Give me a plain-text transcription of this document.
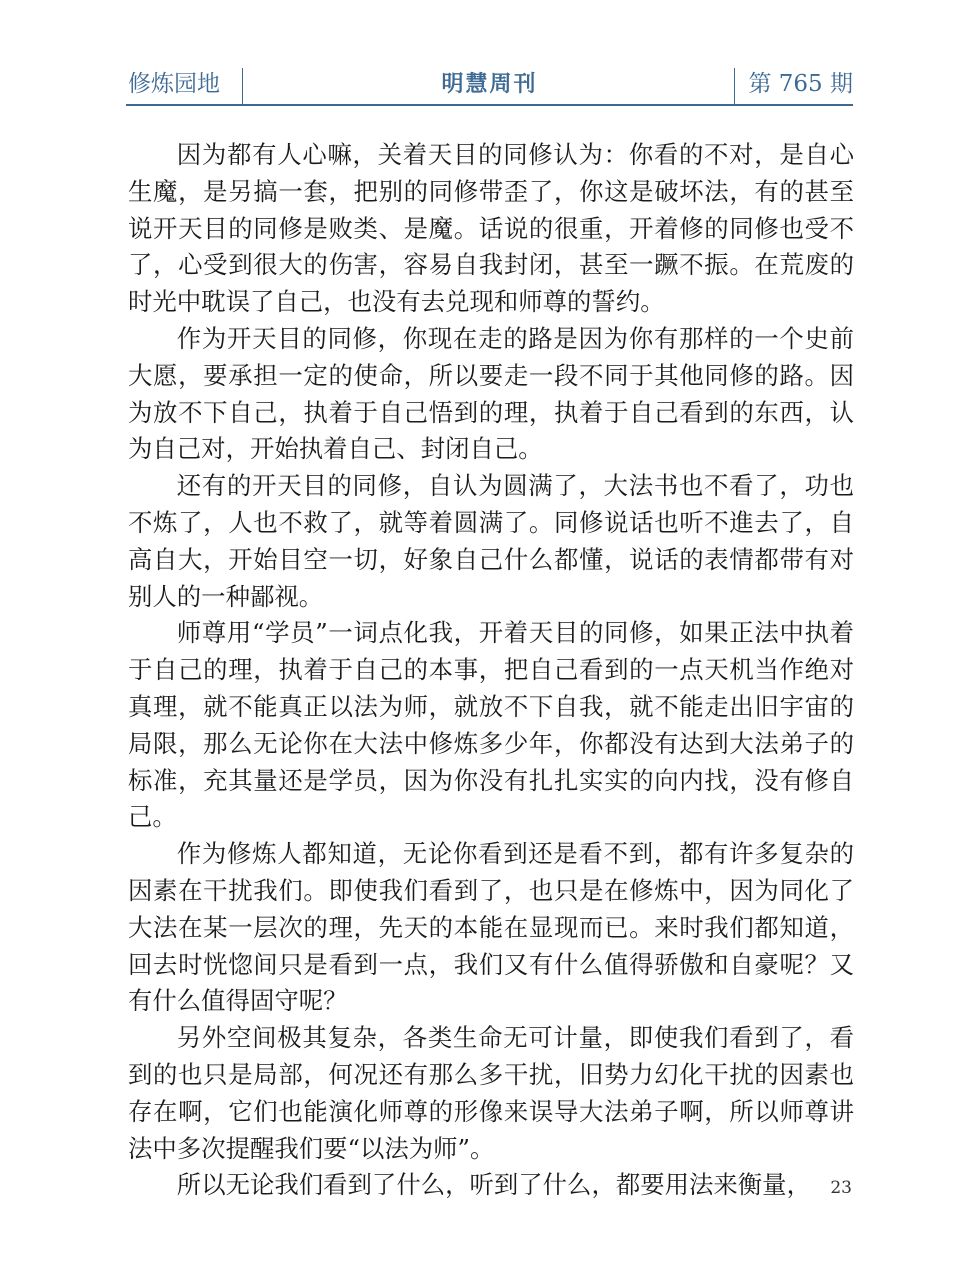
修炼园地	明慧周刊	第 765 期

因为都有人心嘛，关着天目的同修认为：你看的不对，是自心生魔，是另搞一套，把别的同修带歪了，你这是破坏法，有的甚至说开天目的同修是败类、是魔。话说的很重，开着修的同修也受不了，心受到很大的伤害，容易自我封闭，甚至一蹶不振。在荒废的时光中耽误了自己，也没有去兑现和师尊的誓约。

作为开天目的同修，你现在走的路是因为你有那样的一个史前大愿，要承担一定的使命，所以要走一段不同于其他同修的路。因为放不下自己，执着于自己悟到的理，执着于自己看到的东西，认为自己对，开始执着自己、封闭自己。

还有的开天目的同修，自认为圆满了，大法书也不看了，功也不炼了，人也不救了，就等着圆满了。同修说话也听不進去了，自高自大，开始目空一切，好象自己什么都懂，说话的表情都带有对别人的一种鄙视。

师尊用“学员”一词点化我，开着天目的同修，如果正法中执着于自己的理，执着于自己的本事，把自己看到的一点天机当作绝对真理，就不能真正以法为师，就放不下自我，就不能走出旧宇宙的局限，那么无论你在大法中修炼多少年，你都没有达到大法弟子的标准，充其量还是学员，因为你没有扎扎实实的向内找，没有修自己。

作为修炼人都知道，无论你看到还是看不到，都有许多复杂的因素在干扰我们。即使我们看到了，也只是在修炼中，因为同化了大法在某一层次的理，先天的本能在显现而已。来时我们都知道，回去时恍惚间只是看到一点，我们又有什么值得骄傲和自豪呢？又有什么值得固守呢？

另外空间极其复杂，各类生命无可计量，即使我们看到了，看到的也只是局部，何况还有那么多干扰，旧势力幻化干扰的因素也存在啊，它们也能演化师尊的形像来误导大法弟子啊，所以师尊讲法中多次提醒我们要“以法为师”。

所以无论我们看到了什么，听到了什么，都要用法来衡量，	23
